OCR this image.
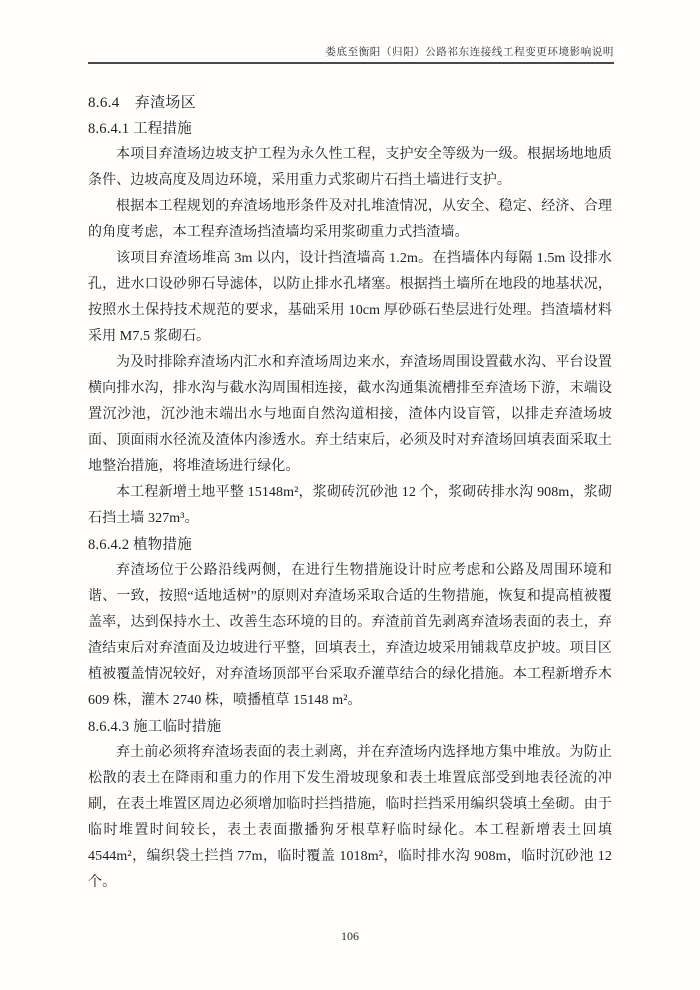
娄底至衡阳（归阳）公路祁东连接线工程变更环境影响说明
8.6.4　弃渣场区
8.6.4.1 工程措施
本项目弃渣场边坡支护工程为永久性工程，支护安全等级为一级。根据场地地质条件、边坡高度及周边环境，采用重力式浆砌片石挡土墙进行支护。
根据本工程规划的弃渣场地形条件及对扎堆渣情况，从安全、稳定、经济、合理的角度考虑，本工程弃渣场挡渣墙均采用浆砌重力式挡渣墙。
该项目弃渣场堆高 3m 以内，设计挡渣墙高 1.2m。在挡墙体内每隔 1.5m 设排水孔，进水口设砂卵石导滤体，以防止排水孔堵塞。根据挡土墙所在地段的地基状况，按照水土保持技术规范的要求，基础采用 10cm 厚砂砾石垫层进行处理。挡渣墙材料采用 M7.5 浆砌石。
为及时排除弃渣场内汇水和弃渣场周边来水，弃渣场周围设置截水沟、平台设置横向排水沟，排水沟与截水沟周围相连接，截水沟通集流槽排至弃渣场下游，末端设置沉沙池，沉沙池末端出水与地面自然沟道相接，渣体内设盲管，以排走弃渣场坡面、顶面雨水径流及渣体内渗透水。弃土结束后，必须及时对弃渣场回填表面采取土地整治措施，将堆渣场进行绿化。
本工程新增土地平整 15148m²，浆砌砖沉砂池 12 个，浆砌砖排水沟 908m，浆砌石挡土墙 327m³。
8.6.4.2 植物措施
弃渣场位于公路沿线两侧，在进行生物措施设计时应考虑和公路及周围环境和谐、一致，按照“适地适树”的原则对弃渣场采取合适的生物措施，恢复和提高植被覆盖率，达到保持水土、改善生态环境的目的。弃渣前首先剥离弃渣场表面的表土，弃渣结束后对弃渣面及边坡进行平整，回填表土，弃渣边坡采用铺栽草皮护坡。项目区植被覆盖情况较好，对弃渣场顶部平台采取乔灌草结合的绿化措施。本工程新增乔木 609 株，灌木 2740 株，喷播植草 15148 m²。
8.6.4.3 施工临时措施
弃土前必须将弃渣场表面的表土剥离，并在弃渣场内选择地方集中堆放。为防止松散的表土在降雨和重力的作用下发生滑坡现象和表土堆置底部受到地表径流的冲刷，在表土堆置区周边必须增加临时拦挡措施，临时拦挡采用编织袋填土垒砌。由于临时堆置时间较长，表土表面撒播狗牙根草籽临时绿化。本工程新增表土回填 4544m²，编织袋土拦挡 77m，临时覆盖 1018m²，临时排水沟 908m，临时沉砂池 12 个。
106
